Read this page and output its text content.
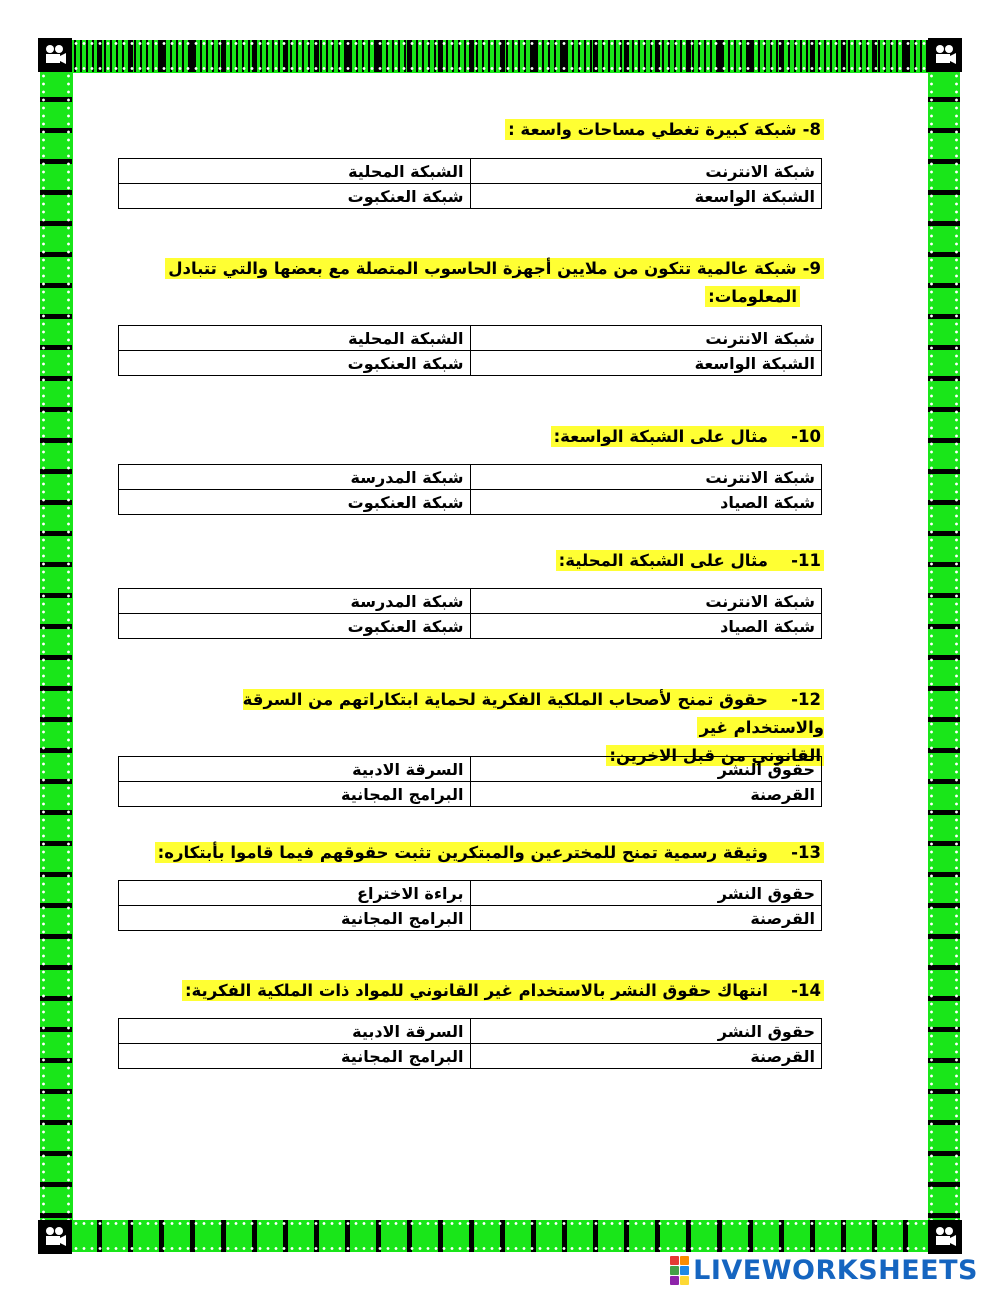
8-شبكة كبيرة تغطي مساحات واسعة :
شبكة الانترنت	الشبكة المحلية
الشبكة الواسعة	شبكة العنكبوت
9-شبكة عالمية تتكون من ملايين أجهزة الحاسوب المتصلة مع بعضها والتي تتبادل
المعلومات:
شبكة الانترنت	الشبكة المحلية
الشبكة الواسعة	شبكة العنكبوت
10-   مثال على الشبكة الواسعة:
شبكة الانترنت	شبكة المدرسة
شبكة الصياد	شبكة العنكبوت
11-   مثال على الشبكة المحلية:
شبكة الانترنت	شبكة المدرسة
شبكة الصياد	شبكة العنكبوت
12-   حقوق تمنح لأصحاب الملكية الفكرية لحماية ابتكاراتهم من السرقة والاستخدام غير
القانوني من قبل الاخرين:
حقوق النشر	السرقة الادبية
القرصنة	البرامج المجانية
13-   وثيقة رسمية تمنح للمخترعين والمبتكرين تثبت حقوقهم فيما قاموا بأبتكاره:
حقوق النشر	براءة الاختراع
القرصنة	البرامج المجانية
14-   انتهاك حقوق النشر بالاستخدام غير القانوني للمواد ذات الملكية الفكرية:
حقوق النشر	السرقة الادبية
القرصنة	البرامج المجانية
LIVEWORKSHEETS
